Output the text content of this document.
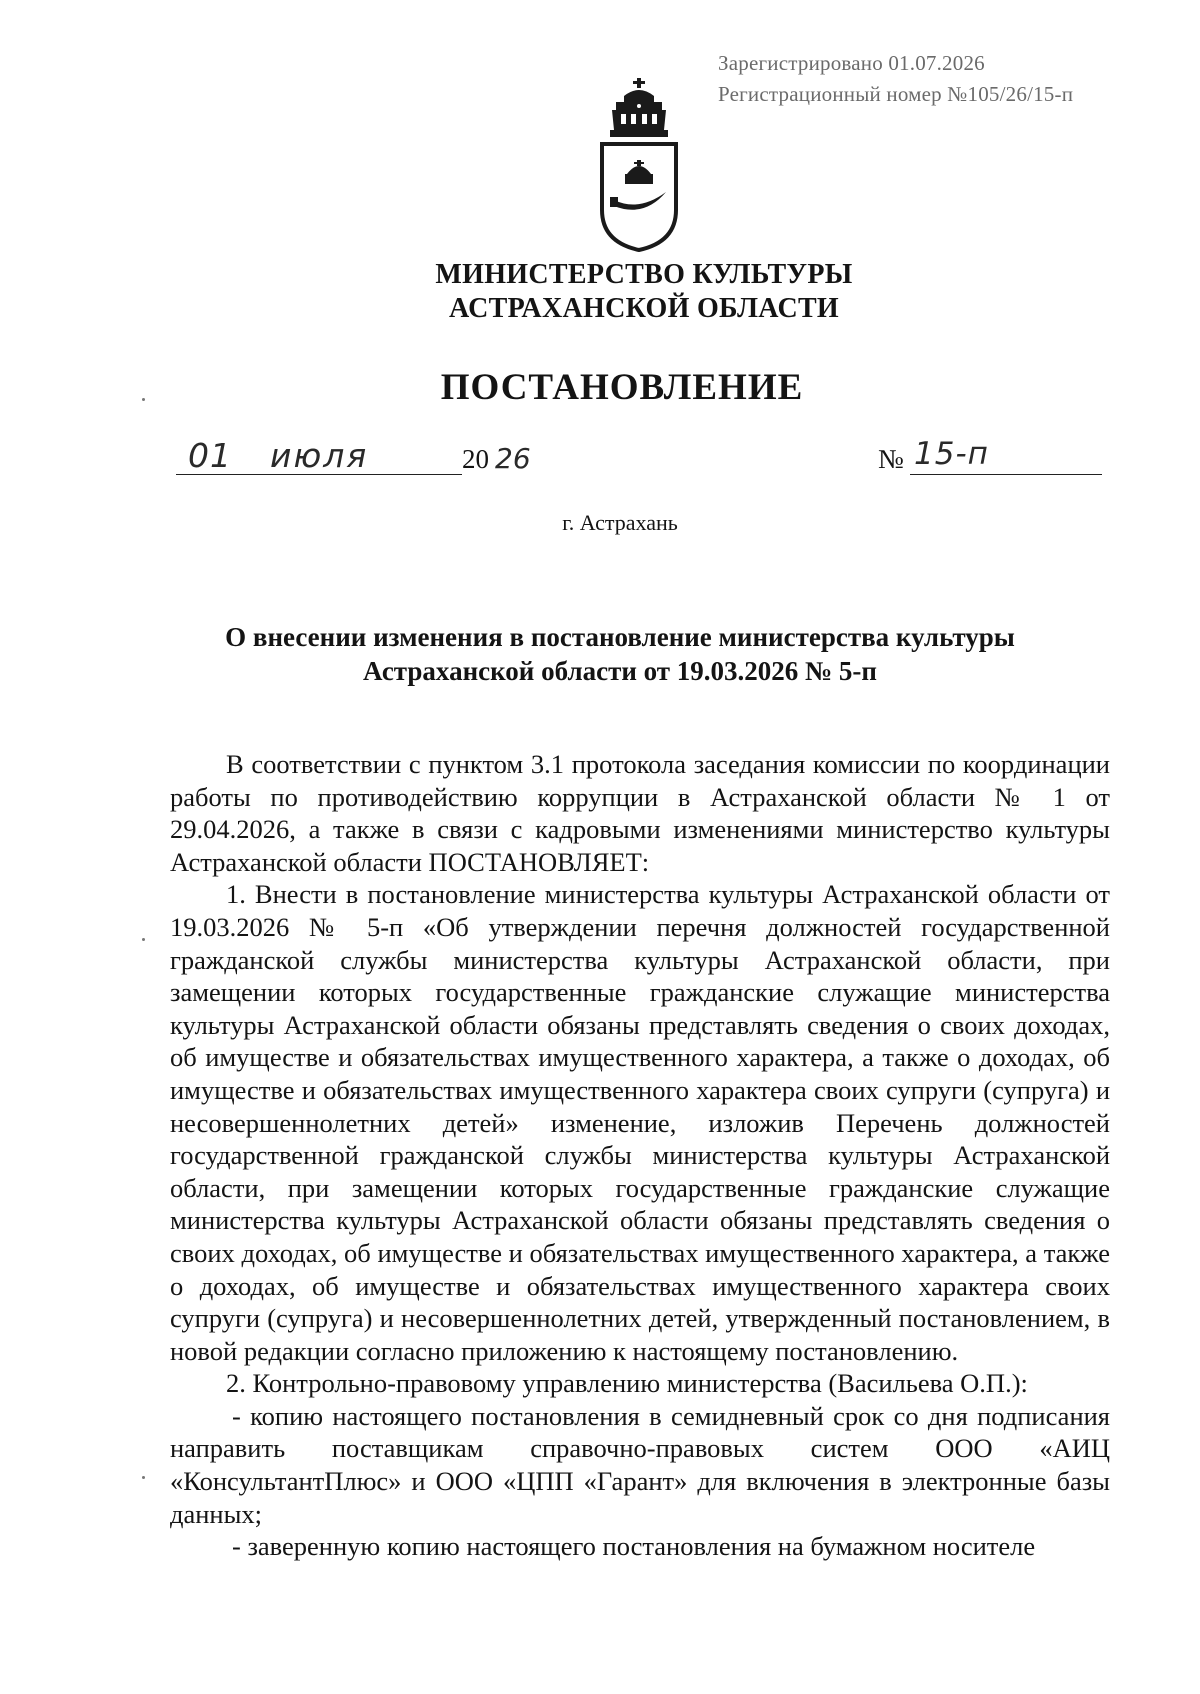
Зарегистрировано 01.07.2026
Регистрационный номер №105/26/15-п
МИНИСТЕРСТВО КУЛЬТУРЫ
АСТРАХАНСКОЙ ОБЛАСТИ
ПОСТАНОВЛЕНИЕ
01 июля	20 26	№ 15-п
г. Астрахань
О внесении изменения в постановление министерства культуры
Астраханской области от 19.03.2026 № 5-п

В соответствии с пунктом 3.1 протокола заседания комиссии по координации работы по противодействию коррупции в Астраханской области № 1 от 29.04.2026, а также в связи с кадровыми изменениями министерство культуры Астраханской области ПОСТАНОВЛЯЕТ:

1. Внести в постановление министерства культуры Астраханской области от 19.03.2026 № 5-п «Об утверждении перечня должностей государственной гражданской службы министерства культуры Астраханской области, при замещении которых государственные гражданские служащие министерства культуры Астраханской области обязаны представлять сведения о своих доходах, об имуществе и обязательствах имущественного характера, а также о доходах, об имуществе и обязательствах имущественного характера своих супруги (супруга) и несовершеннолетних детей» изменение, изложив Перечень должностей государственной гражданской службы министерства культуры Астраханской области, при замещении которых государственные гражданские служащие министерства культуры Астраханской области обязаны представлять сведения о своих доходах, об имуществе и обязательствах имущественного характера, а также о доходах, об имуществе и обязательствах имущественного характера своих супруги (супруга) и несовершеннолетних детей, утвержденный постановлением, в новой редакции согласно приложению к настоящему постановлению.

2. Контрольно-правовому управлению министерства (Васильева О.П.):

- копию настоящего постановления в семидневный срок со дня подписания направить поставщикам справочно-правовых систем ООО «АИЦ «КонсультантПлюс» и ООО «ЦПП «Гарант» для включения в электронные базы данных;

- заверенную копию настоящего постановления на бумажном носителе
